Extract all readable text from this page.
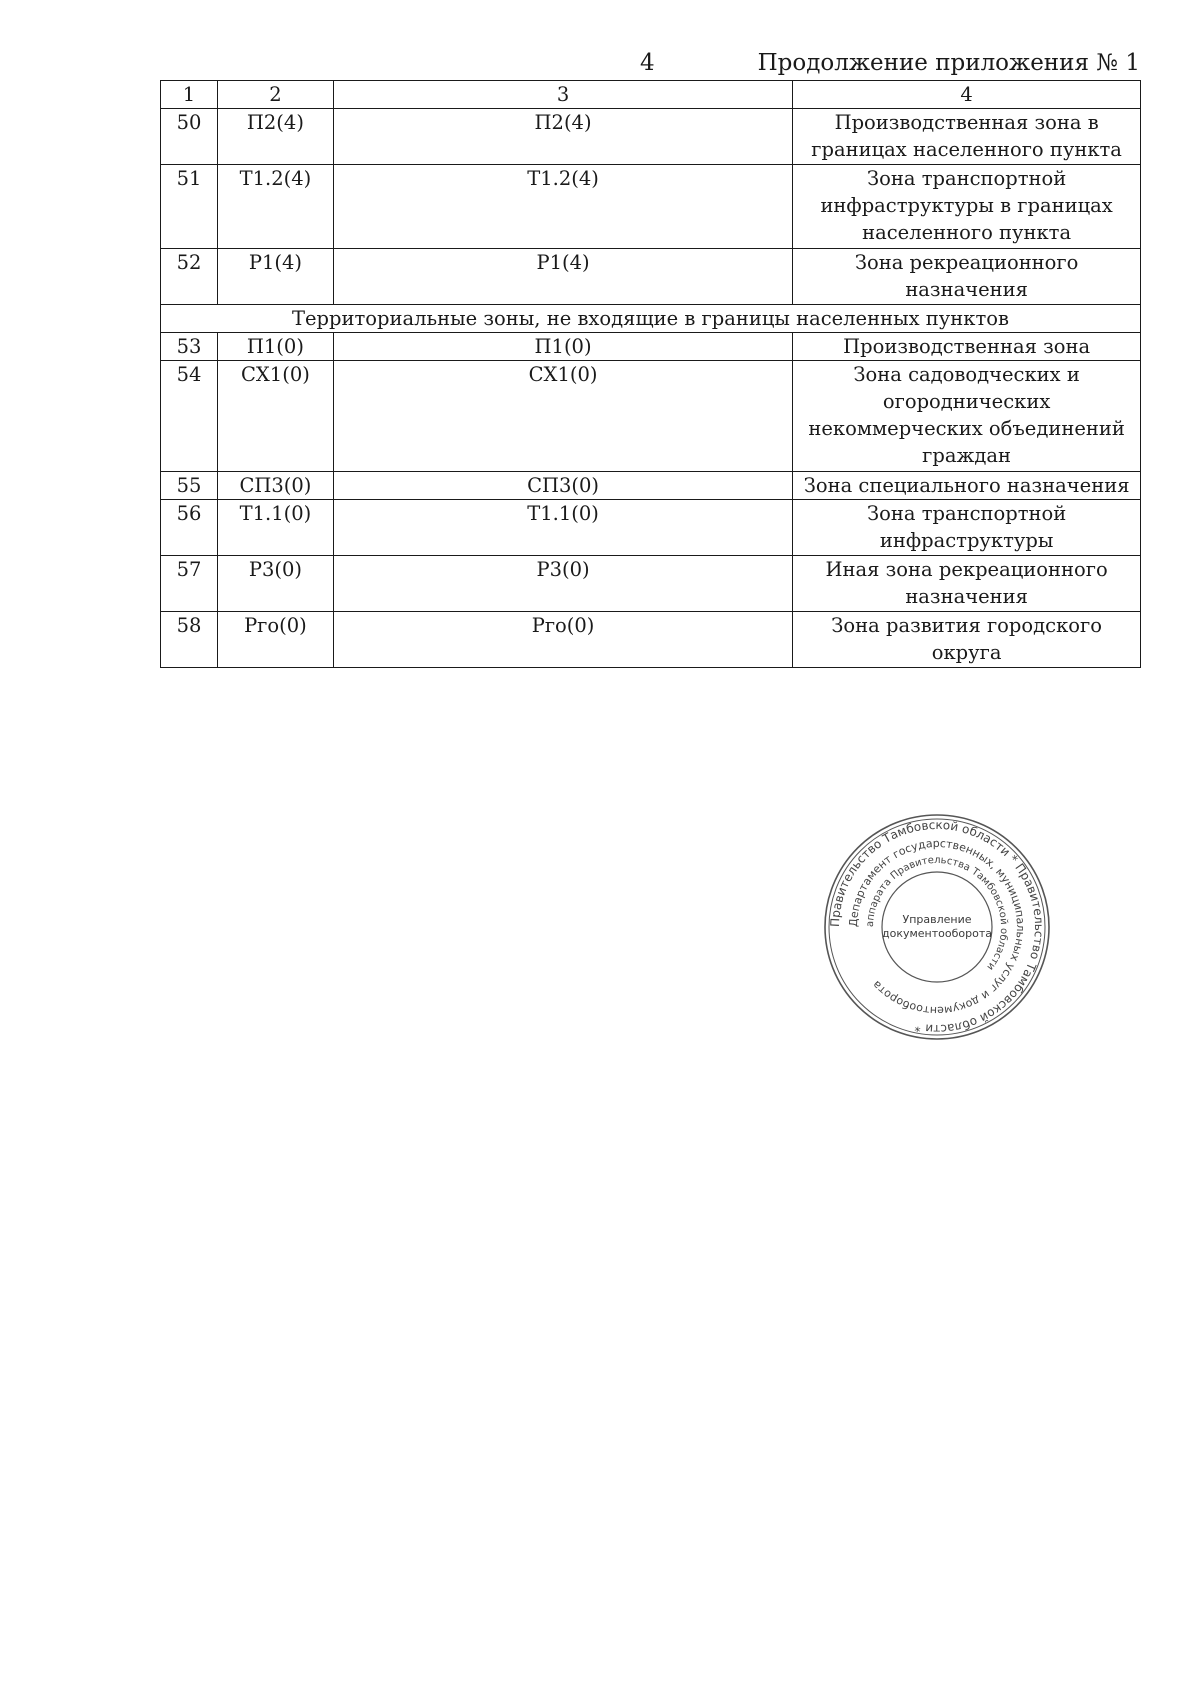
4	Продолжение приложения № 1
1	2	3	4
50	П2(4)	П2(4)	Производственная зона в границах населенного пункта
51	Т1.2(4)	Т1.2(4)	Зона транспортной инфраструктуры в границах населенного пункта
52	Р1(4)	Р1(4)	Зона рекреационного назначения
Территориальные зоны, не входящие в границы населенных пунктов			
53	П1(0)	П1(0)	Производственная зона
54	СХ1(0)	СХ1(0)	Зона садоводческих и огороднических некоммерческих объединений граждан
55	СП3(0)	СП3(0)	Зона специального назначения
56	Т1.1(0)	Т1.1(0)	Зона транспортной инфраструктуры
57	Р3(0)	Р3(0)	Иная зона рекреационного назначения
58	Рго(0)	Рго(0)	Зона развития городского округа
Правительство Тамбовской области * Правительство Тамбовской области *
Департамент государственных, муниципальных услуг и документооборота
аппарата Правительства Тамбовской области
Управление
документооборота
